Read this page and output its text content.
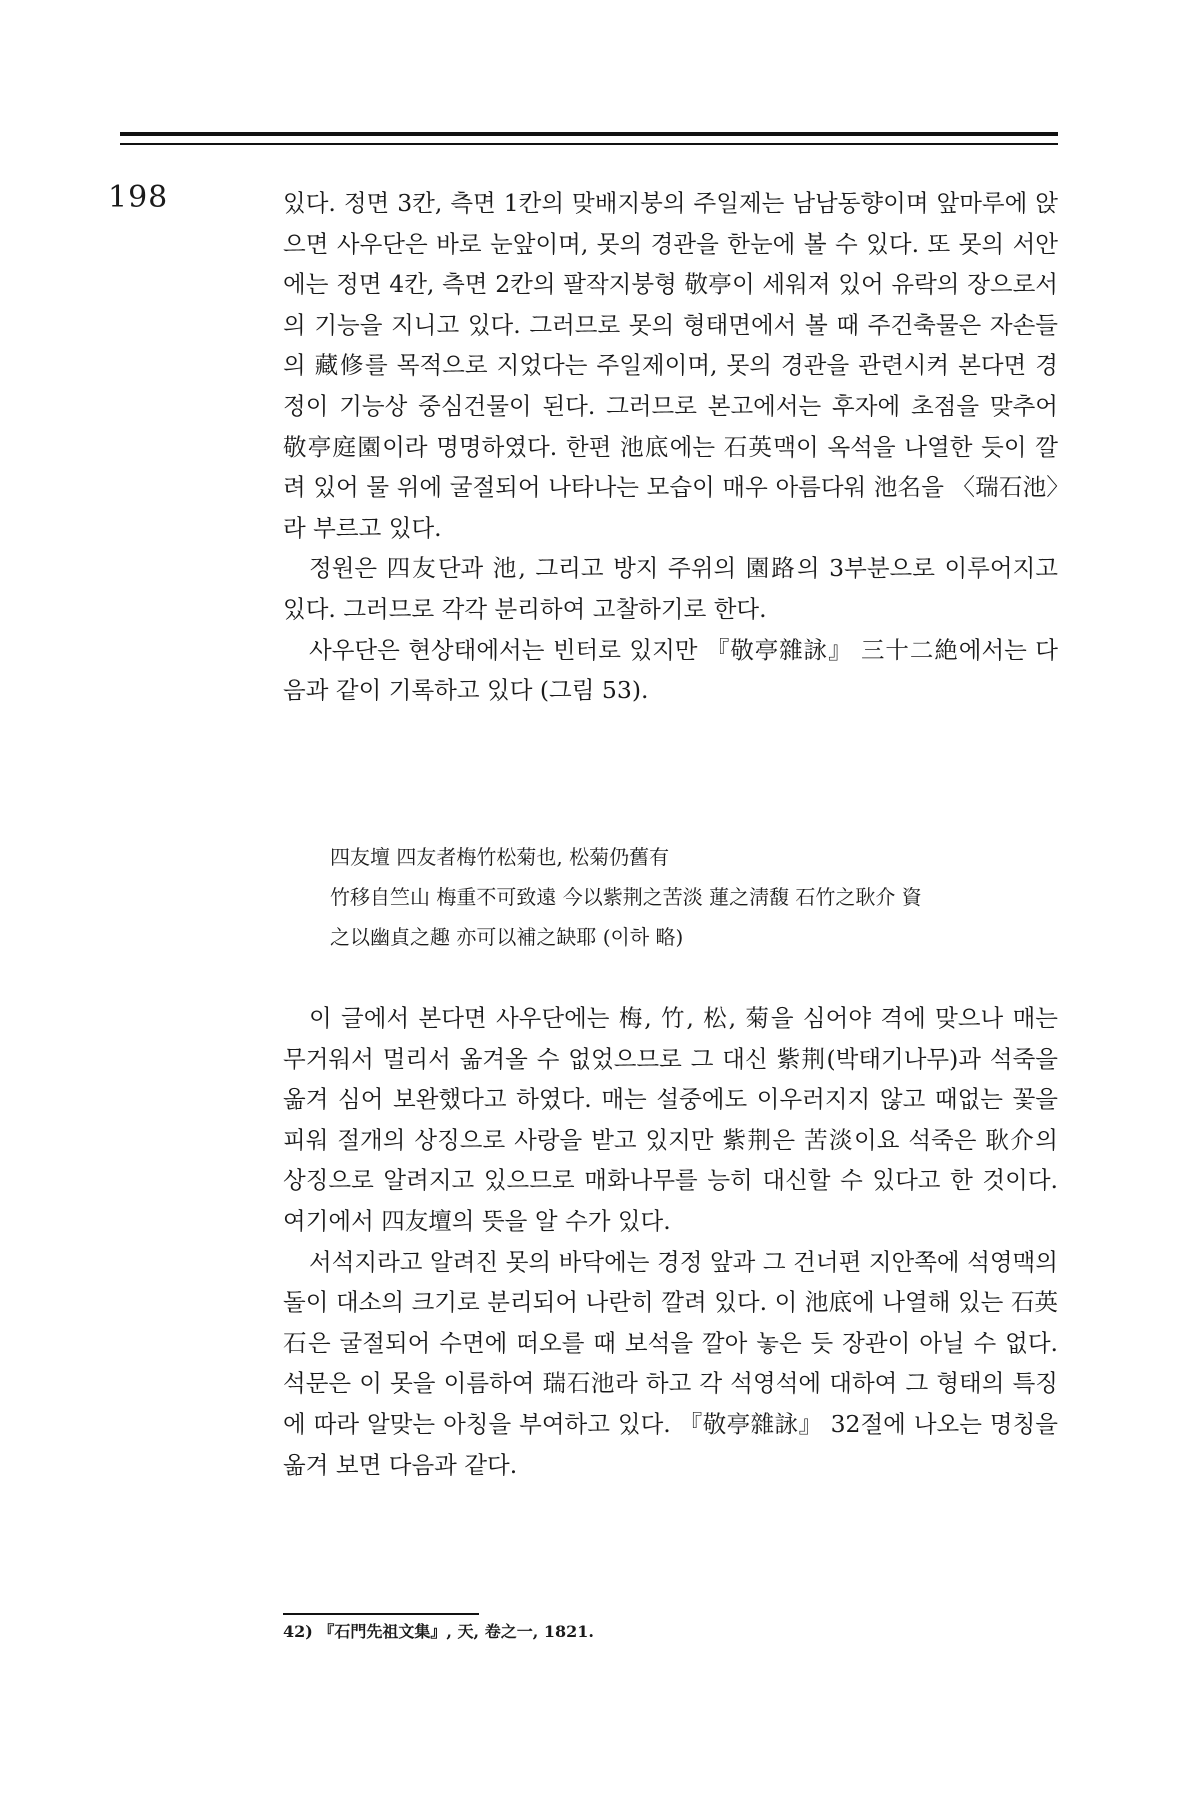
198	있다. 정면 3칸, 측면 1칸의 맞배지붕의 주일제는 남남동향이며 앞마루에 앉으면 사우단은 바로 눈앞이며, 못의 경관을 한눈에 볼 수 있다. 또 못의 서안에는 정면 4칸, 측면 2칸의 팔작지붕형 敬亭이 세워져 있어 유락의 장으로서의 기능을 지니고 있다. 그러므로 못의 형태면에서 볼 때 주건축물은 자손들의 藏修를 목적으로 지었다는 주일제이며, 못의 경관을 관련시켜 본다면 경정이 기능상 중심건물이 된다. 그러므로 본고에서는 후자에 초점을 맞추어 敬亭庭園이라 명명하였다. 한편 池底에는 石英맥이 옥석을 나열한 듯이 깔려 있어 물 위에 굴절되어 나타나는 모습이 매우 아름다워 池名을 〈瑞石池〉라 부르고 있다.

정원은 四友단과 池, 그리고 방지 주위의 園路의 3부분으로 이루어지고 있다. 그러므로 각각 분리하여 고찰하기로 한다.

사우단은 현상태에서는 빈터로 있지만 『敬亭雜詠』 三十二絶에서는 다음과 같이 기록하고 있다 (그림 53).

四友壇 四友者梅竹松菊也, 松菊仍舊有
竹移自竺山 梅重不可致遠 今以紫荆之苦淡 蓮之淸馥 石竹之耿介 資
之以幽貞之趣 亦可以補之缺耶 (이하 略)

이 글에서 본다면 사우단에는 梅, 竹, 松, 菊을 심어야 격에 맞으나 매는 무거워서 멀리서 옮겨올 수 없었으므로 그 대신 紫荆(박태기나무)과 석죽을 옮겨 심어 보완했다고 하였다. 매는 설중에도 이우러지지 않고 때없는 꽃을 피워 절개의 상징으로 사랑을 받고 있지만 紫荆은 苦淡이요 석죽은 耿介의 상징으로 알려지고 있으므로 매화나무를 능히 대신할 수 있다고 한 것이다. 여기에서 四友壇의 뜻을 알 수가 있다.

서석지라고 알려진 못의 바닥에는 경정 앞과 그 건너편 지안쪽에 석영맥의 돌이 대소의 크기로 분리되어 나란히 깔려 있다. 이 池底에 나열해 있는 石英石은 굴절되어 수면에 떠오를 때 보석을 깔아 놓은 듯 장관이 아닐 수 없다. 석문은 이 못을 이름하여 瑞石池라 하고 각 석영석에 대하여 그 형태의 특징에 따라 알맞는 아칭을 부여하고 있다. 『敬亭雜詠』 32절에 나오는 명칭을 옮겨 보면 다음과 같다.

42) 『石門先祖文集』, 天, 卷之一, 1821.
